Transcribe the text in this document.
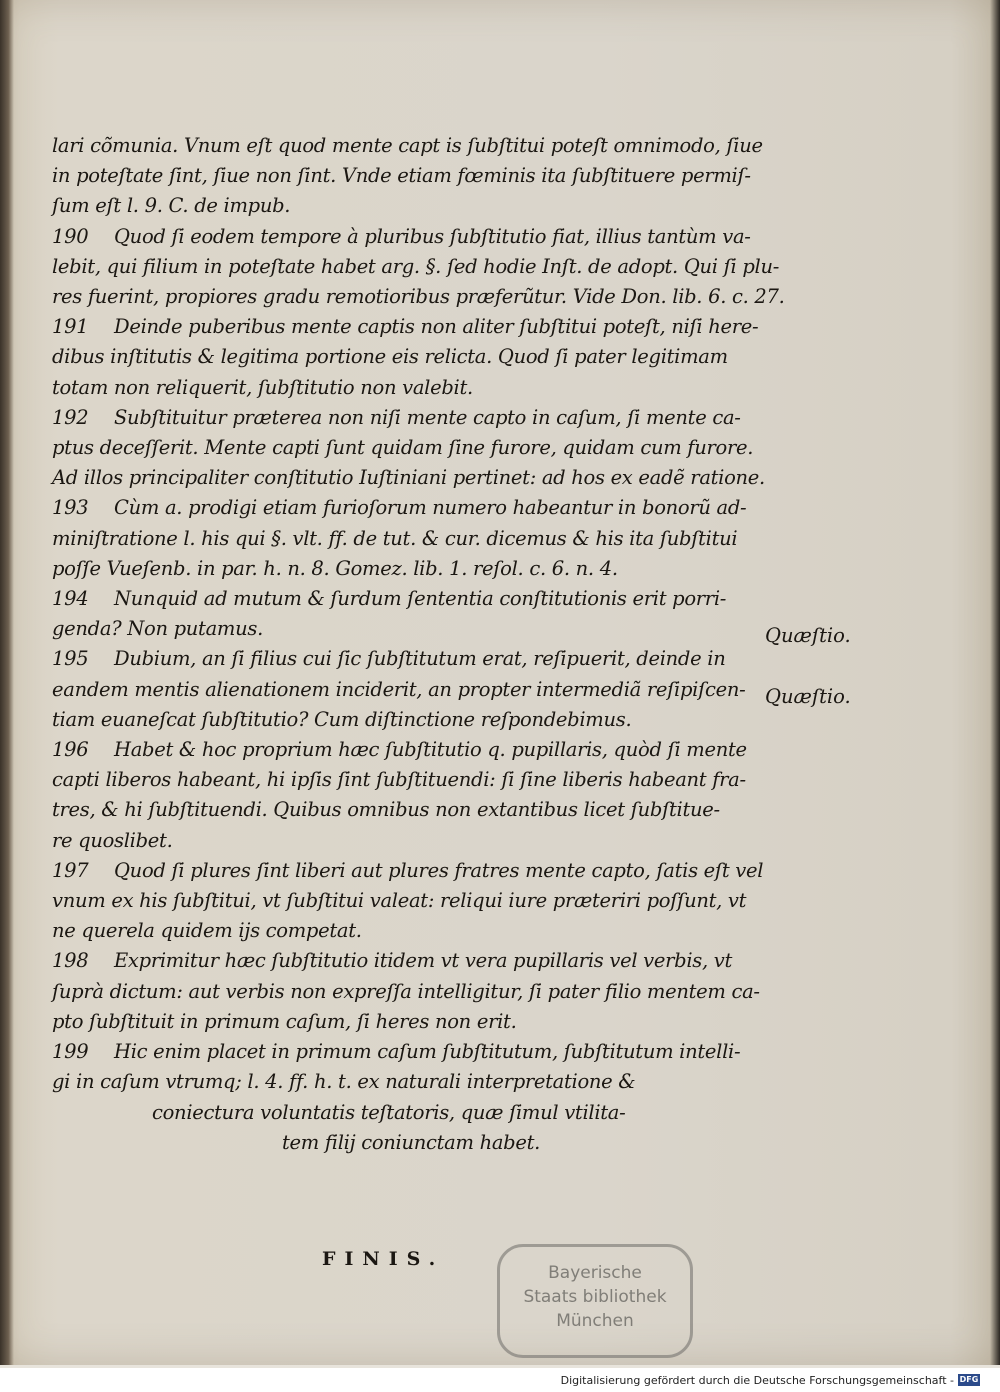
lari cõmunia. Vnum eſt quod mente capt is ſubſtitui poteſt omnimodo, ſiue
in poteſtate ſint, ſiue non ſint. Vnde etiam fœminis ita ſubſtituere permiſ-
ſum eſt l. 9. C. de impub.
190 Quod ſi eodem tempore à pluribus ſubſtitutio fiat, illius tantùm va-
lebit, qui filium in poteſtate habet arg. §. ſed hodie Inſt. de adopt. Qui ſi plu-
res fuerint, propiores gradu remotioribus præferũtur. Vide Don. lib. 6. c. 27.
191 Deinde puberibus mente captis non aliter ſubſtitui poteſt, niſi here-
dibus inſtitutis & legitima portione eis relicta. Quod ſi pater legitimam
totam non reliquerit, ſubſtitutio non valebit.
192 Subſtituitur prætereа non niſi mente capto in caſum, ſi mente ca-
ptus deceſſerit. Mente capti ſunt quidam ſine furore, quidam cum furore.
Ad illos principaliter conſtitutio Iuſtiniani pertinet: ad hos ex eadẽ ratione.
193 Cùm a. prodigi etiam furioſorum numero habeantur in bonorũ ad-
miniſtratione l. his qui §. vlt. ff. de tut. & cur. dicemus & his ita ſubſtitui
poſſe Vueſenb. in par. h. n. 8. Gomez. lib. 1. reſol. c. 6. n. 4.
194 Nunquid ad mutum & ſurdum ſententia conſtitutionis erit porri-
genda? Non putamus.
195 Dubium, an ſi filius cui ſic ſubſtitutum erat, reſipuerit, deinde in
eandem mentis alienationem inciderit, an propter intermediã reſipiſcen-
tiam euaneſcat ſubſtitutio? Cum diſtinctione reſpondebimus.
196 Habet & hoc proprium hæc ſubſtitutio q. pupillaris, quòd ſi mente
capti liberos habeant, hi ipſis ſint ſubſtituendi: ſi ſine liberis habeant fra-
tres, & hi ſubſtituendi. Quibus omnibus non extantibus licet ſubſtitue-
re quoslibet.
197 Quod ſi plures ſint liberi aut plures fratres mente capto, ſatis eſt vel
vnum ex his ſubſtitui, vt ſubſtitui valeat: reliqui iure præteriri poſſunt, vt
ne querela quidem ijs competat.
198 Exprimitur hæc ſubſtitutio itidem vt vera pupillaris vel verbis, vt
ſuprà dictum: aut verbis non expreſſa intelligitur, ſi pater filio mentem ca-
pto ſubſtituit in primum caſum, ſi heres non erit.
199 Hic enim placet in primum caſum ſubſtitutum, ſubſtitutum intelli-
gi in caſum vtrumq; l. 4. ff. h. t. ex naturali interpretatione &
coniectura voluntatis teſtatoris, quæ ſimul vtilita-
tem filij coniunctam habet.
Quæſtio.
Quæſtio.
FINIS.
Bayerische
Staats bibliothek
München
Digitalisierung gefördert durch die Deutsche Forschungsgemeinschaft - DFG
